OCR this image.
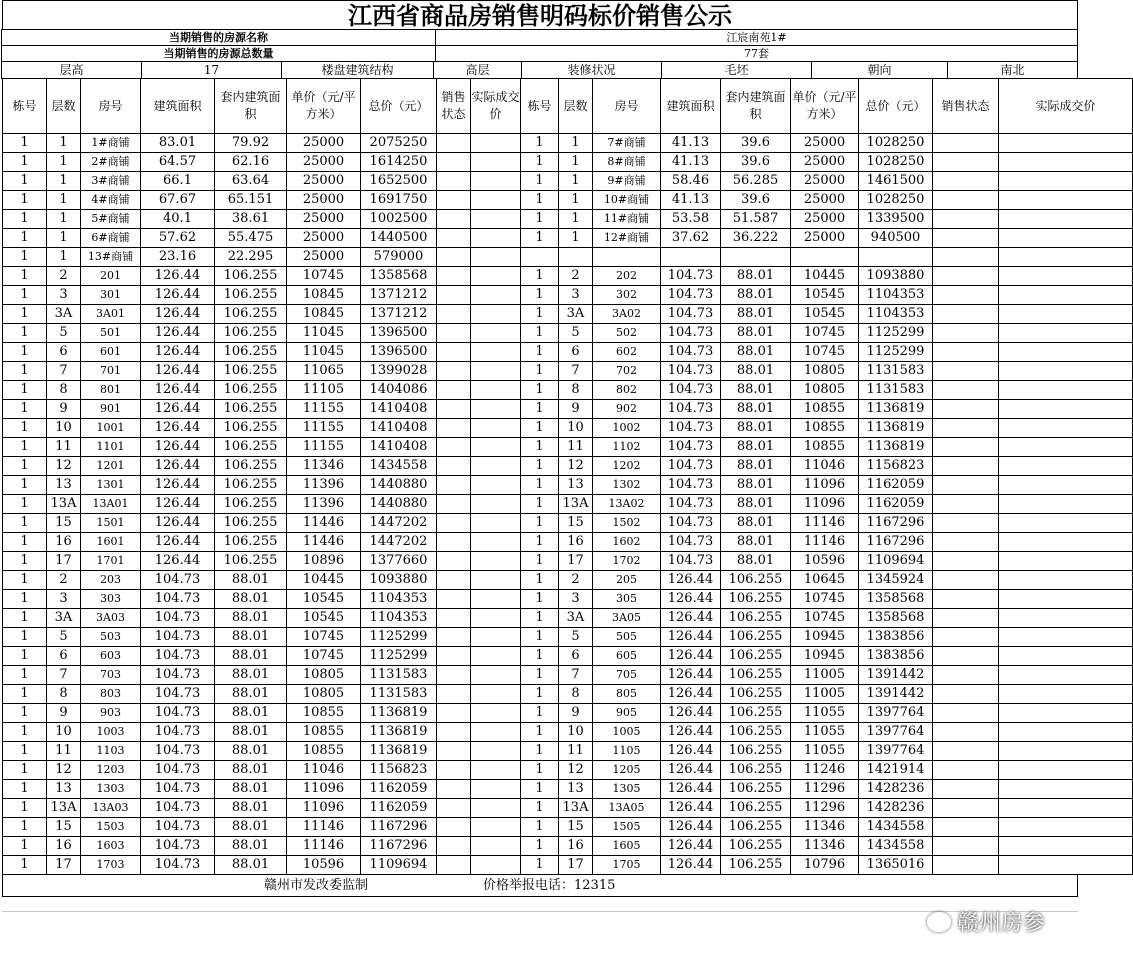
江西省商品房销售明码标价销售公示
当期销售的房源名称	江宸南苑1#
当期销售的房源总数量	77套
层高	17	楼盘建筑结构	高层	装修状况	毛坯	朝向	南北
栋号	层数	房号	建筑面积	套内建筑面积	单价（元/平方米）	总价（元）	销售状态	实际成交价	栋号	层数	房号	建筑面积	套内建筑面积	单价（元/平方米）	总价（元）	销售状态	实际成交价
1	1	1#商铺	83.01	79.92	25000	2075250			1	1	7#商铺	41.13	39.6	25000	1028250		
1	1	2#商铺	64.57	62.16	25000	1614250			1	1	8#商铺	41.13	39.6	25000	1028250		
1	1	3#商铺	66.1	63.64	25000	1652500			1	1	9#商铺	58.46	56.285	25000	1461500		
1	1	4#商铺	67.67	65.151	25000	1691750			1	1	10#商铺	41.13	39.6	25000	1028250		
1	1	5#商铺	40.1	38.61	25000	1002500			1	1	11#商铺	53.58	51.587	25000	1339500		
1	1	6#商铺	57.62	55.475	25000	1440500			1	1	12#商铺	37.62	36.222	25000	940500		
1	1	13#商铺	23.16	22.295	25000	579000											
1	2	201	126.44	106.255	10745	1358568			1	2	202	104.73	88.01	10445	1093880		
1	3	301	126.44	106.255	10845	1371212			1	3	302	104.73	88.01	10545	1104353		
1	3A	3A01	126.44	106.255	10845	1371212			1	3A	3A02	104.73	88.01	10545	1104353		
1	5	501	126.44	106.255	11045	1396500			1	5	502	104.73	88.01	10745	1125299		
1	6	601	126.44	106.255	11045	1396500			1	6	602	104.73	88.01	10745	1125299		
1	7	701	126.44	106.255	11065	1399028			1	7	702	104.73	88.01	10805	1131583		
1	8	801	126.44	106.255	11105	1404086			1	8	802	104.73	88.01	10805	1131583		
1	9	901	126.44	106.255	11155	1410408			1	9	902	104.73	88.01	10855	1136819		
1	10	1001	126.44	106.255	11155	1410408			1	10	1002	104.73	88.01	10855	1136819		
1	11	1101	126.44	106.255	11155	1410408			1	11	1102	104.73	88.01	10855	1136819		
1	12	1201	126.44	106.255	11346	1434558			1	12	1202	104.73	88.01	11046	1156823		
1	13	1301	126.44	106.255	11396	1440880			1	13	1302	104.73	88.01	11096	1162059		
1	13A	13A01	126.44	106.255	11396	1440880			1	13A	13A02	104.73	88.01	11096	1162059		
1	15	1501	126.44	106.255	11446	1447202			1	15	1502	104.73	88.01	11146	1167296		
1	16	1601	126.44	106.255	11446	1447202			1	16	1602	104.73	88.01	11146	1167296		
1	17	1701	126.44	106.255	10896	1377660			1	17	1702	104.73	88.01	10596	1109694		
1	2	203	104.73	88.01	10445	1093880			1	2	205	126.44	106.255	10645	1345924		
1	3	303	104.73	88.01	10545	1104353			1	3	305	126.44	106.255	10745	1358568		
1	3A	3A03	104.73	88.01	10545	1104353			1	3A	3A05	126.44	106.255	10745	1358568		
1	5	503	104.73	88.01	10745	1125299			1	5	505	126.44	106.255	10945	1383856		
1	6	603	104.73	88.01	10745	1125299			1	6	605	126.44	106.255	10945	1383856		
1	7	703	104.73	88.01	10805	1131583			1	7	705	126.44	106.255	11005	1391442		
1	8	803	104.73	88.01	10805	1131583			1	8	805	126.44	106.255	11005	1391442		
1	9	903	104.73	88.01	10855	1136819			1	9	905	126.44	106.255	11055	1397764		
1	10	1003	104.73	88.01	10855	1136819			1	10	1005	126.44	106.255	11055	1397764		
1	11	1103	104.73	88.01	10855	1136819			1	11	1105	126.44	106.255	11055	1397764		
1	12	1203	104.73	88.01	11046	1156823			1	12	1205	126.44	106.255	11246	1421914		
1	13	1303	104.73	88.01	11096	1162059			1	13	1305	126.44	106.255	11296	1428236		
1	13A	13A03	104.73	88.01	11096	1162059			1	13A	13A05	126.44	106.255	11296	1428236		
1	15	1503	104.73	88.01	11146	1167296			1	15	1505	126.44	106.255	11346	1434558		
1	16	1603	104.73	88.01	11146	1167296			1	16	1605	126.44	106.255	11346	1434558		
1	17	1703	104.73	88.01	10596	1109694			1	17	1705	126.44	106.255	10796	1365016		
赣州市发改委监制	价格举报电话：12315
赣州房参
